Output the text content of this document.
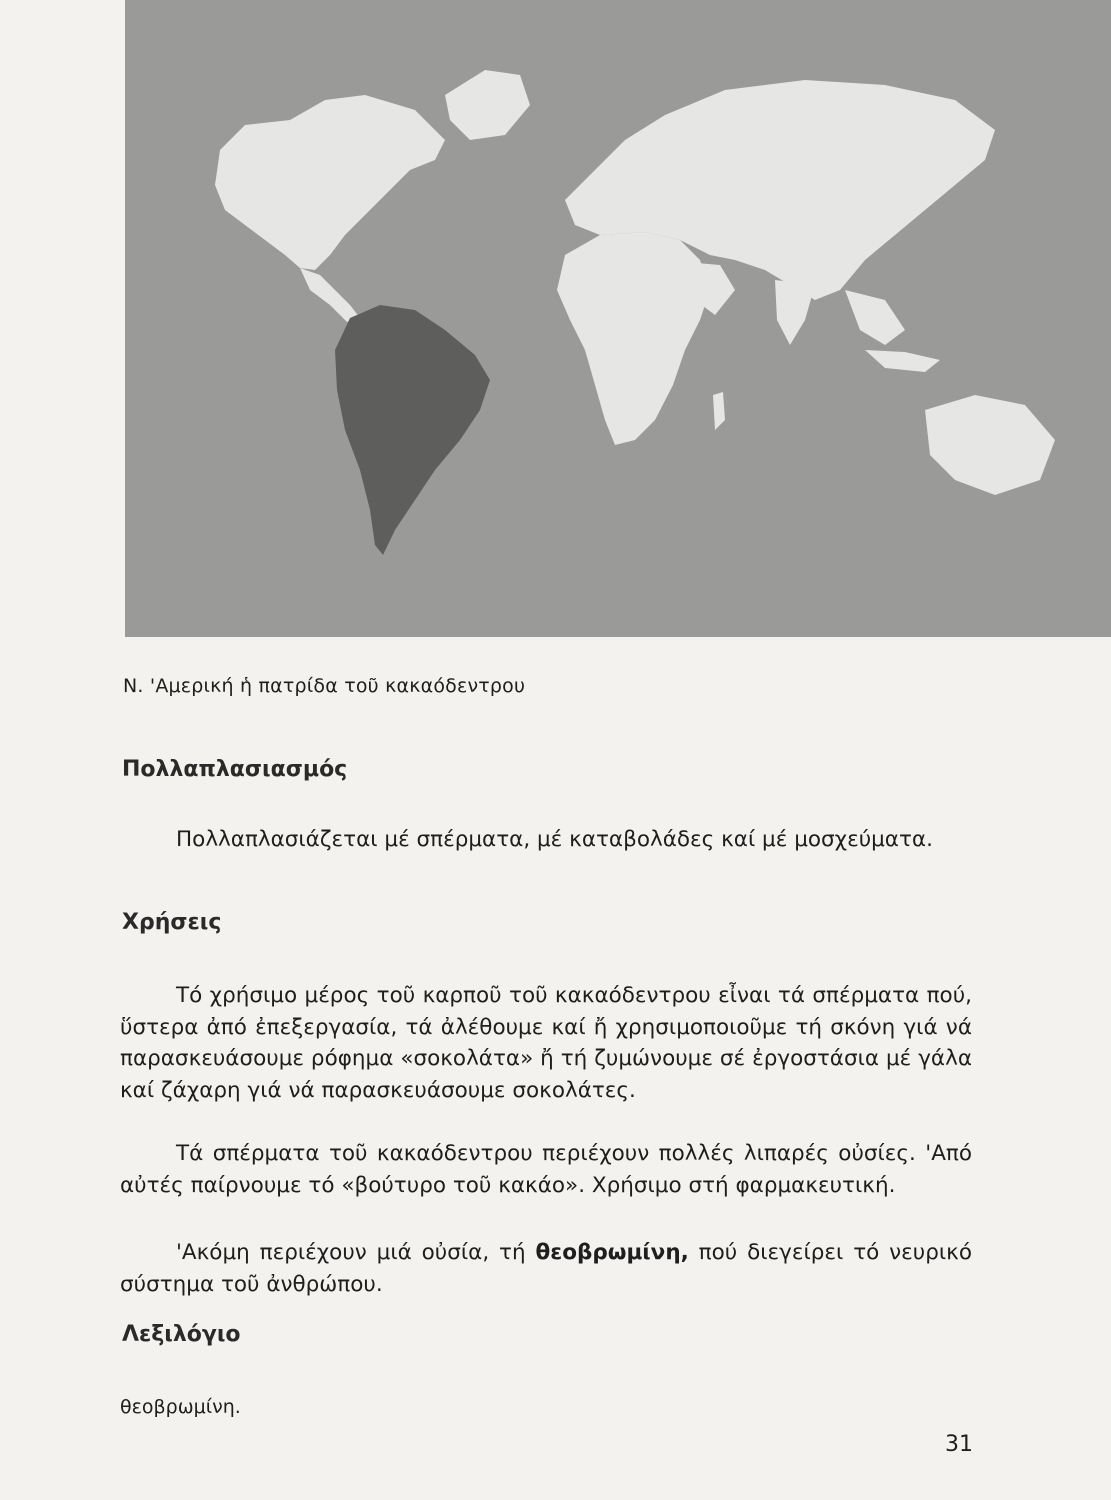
Ν. 'Αμερική ἡ πατρίδα τοῦ κακαόδεντρου
Πολλαπλασιασμός
Πολλαπλασιάζεται μέ σπέρματα, μέ καταβολάδες καί μέ μοσχεύματα.
Χρήσεις
Τό χρήσιμο μέρος τοῦ καρποῦ τοῦ κακαόδεντρου εἶναι τά σπέρματα πού, ὕστερα ἀπό ἐπεξεργασία, τά ἀλέθουμε καί ἤ χρησιμοποιοῦμε τή σκόνη γιά νά παρασκευάσουμε ρόφημα «σοκολάτα» ἤ τή ζυμώνουμε σέ ἐργοστάσια μέ γάλα καί ζάχαρη γιά νά παρασκευάσουμε σοκολάτες.
Τά σπέρματα τοῦ κακαόδεντρου περιέχουν πολλές λιπαρές οὐσίες. 'Από αὐτές παίρνουμε τό «βούτυρο τοῦ κακάο». Χρήσιμο στή φαρμακευτική.
'Ακόμη περιέχουν μιά οὐσία, τή θεοβρωμίνη, πού διεγείρει τό νευρικό σύστημα τοῦ ἀνθρώπου.
Λεξιλόγιο
θεοβρωμίνη.
31
